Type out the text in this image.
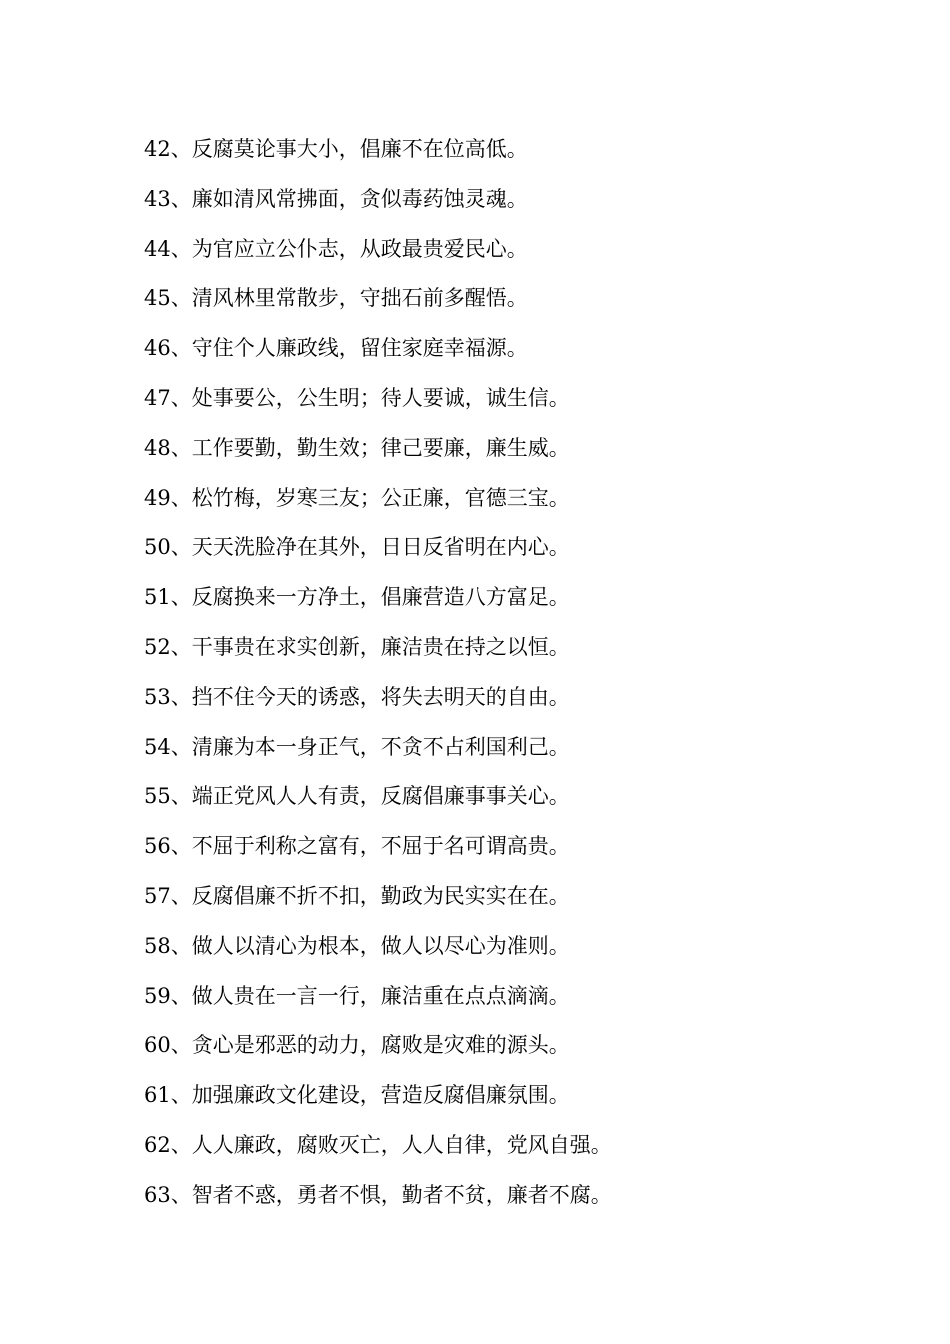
42、反腐莫论事大小，倡廉不在位高低。
43、廉如清风常拂面，贪似毒药蚀灵魂。
44、为官应立公仆志，从政最贵爱民心。
45、清风林里常散步，守拙石前多醒悟。
46、守住个人廉政线，留住家庭幸福源。
47、处事要公，公生明；待人要诚，诚生信。
48、工作要勤，勤生效；律己要廉，廉生威。
49、松竹梅，岁寒三友；公正廉，官德三宝。
50、天天洗脸净在其外，日日反省明在内心。
51、反腐换来一方净土，倡廉营造八方富足。
52、干事贵在求实创新，廉洁贵在持之以恒。
53、挡不住今天的诱惑，将失去明天的自由。
54、清廉为本一身正气，不贪不占利国利己。
55、端正党风人人有责，反腐倡廉事事关心。
56、不屈于利称之富有，不屈于名可谓高贵。
57、反腐倡廉不折不扣，勤政为民实实在在。
58、做人以清心为根本，做人以尽心为准则。
59、做人贵在一言一行，廉洁重在点点滴滴。
60、贪心是邪恶的动力，腐败是灾难的源头。
61、加强廉政文化建设，营造反腐倡廉氛围。
62、人人廉政，腐败灭亡，人人自律，党风自强。
63、智者不惑，勇者不惧，勤者不贫，廉者不腐。
